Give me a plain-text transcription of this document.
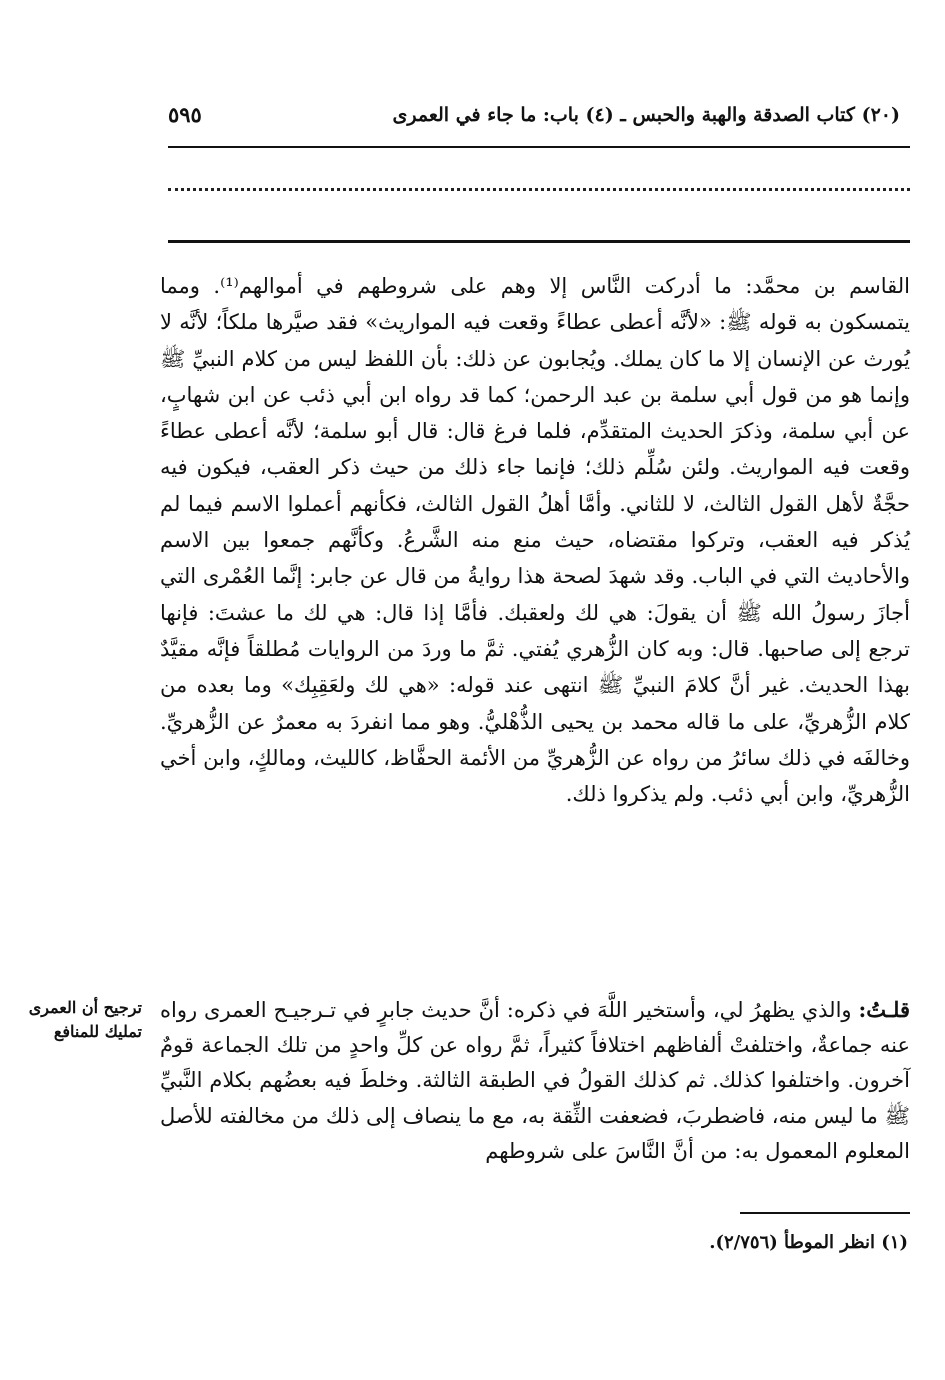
(٢٠) كتاب الصدقة والهبة والحبس ـ (٤) باب: ما جاء في العمرى
٥٩٥

القاسم بن محمَّد: ما أدركت النَّاس إلا وهم على شروطهم في أموالهم⁽¹⁾. ومما يتمسكون به قوله ﷺ: «لأنَّه أعطى عطاءً وقعت فيه المواريث» فقد صيَّرها ملكاً؛ لأنَّه لا يُورث عن الإنسان إلا ما كان يملك. ويُجابون عن ذلك: بأن اللفظ ليس من كلام النبيِّ ﷺ وإنما هو من قول أبي سلمة بن عبد الرحمن؛ كما قد رواه ابن أبي ذئب عن ابن شهابٍ، عن أبي سلمة، وذكرَ الحديث المتقدِّم، فلما فرغ قال: قال أبو سلمة؛ لأنَّه أعطى عطاءً وقعت فيه المواريث. ولئن سُلِّم ذلك؛ فإنما جاء ذلك من حيث ذكر العقب، فيكون فيه حجَّةٌ لأهل القول الثالث، لا للثاني. وأمَّا أهلُ القول الثالث، فكأنهم أعملوا الاسم فيما لم يُذكر فيه العقب، وتركوا مقتضاه، حيث منع منه الشَّرعُ. وكأنَّهم جمعوا بين الاسم والأحاديث التي في الباب. وقد شهدَ لصحة هذا روايةُ من قال عن جابر: إنَّما العُمْرى التي أجازَ رسولُ الله ﷺ أن يقولَ: هي لك ولعقبك. فأمَّا إذا قال: هي لك ما عشتَ: فإنها ترجع إلى صاحبها. قال: وبه كان الزُّهري يُفتي. ثمَّ ما وردَ من الروايات مُطلقاً فإنَّه مقيَّدٌ بهذا الحديث. غير أنَّ كلامَ النبيِّ ﷺ انتهى عند قوله: «هي لك ولعَقِبِك» وما بعده من كلام الزُّهريِّ، على ما قاله محمد بن يحيى الذُّهْليُّ. وهو مما انفردَ به معمرٌ عن الزُّهريِّ. وخالفَه في ذلك سائرُ من رواه عن الزُّهريِّ من الأئمة الحفَّاظ، كالليث، ومالكٍ، وابن أخي الزُّهريِّ، وابن أبي ذئب. ولم يذكروا ذلك.

قلـتُ: والذي يظهرُ لي، وأستخير اللَّهَ في ذكره: أنَّ حديث جابرٍ في تـرجيـح العمرى رواه عنه جماعةٌ، واختلفتْ ألفاظهم اختلافاً كثيراً، ثمَّ رواه عن كلِّ واحدٍ من تلك الجماعة قومٌ آخرون. واختلفوا كذلك. ثم كذلك القولُ في الطبقة الثالثة. وخلطَ فيه بعضُهم بكلام النَّبيِّ ﷺ ما ليس منه، فاضطربَ، فضعفت الثِّقة به، مع ما ينصاف إلى ذلك من مخالفته للأصل المعلوم المعمول به: من أنَّ النَّاسَ على شروطهم
ترجيح أن العمرى تمليك للمنافع
(١) انظر الموطأ (٢/٧٥٦).
